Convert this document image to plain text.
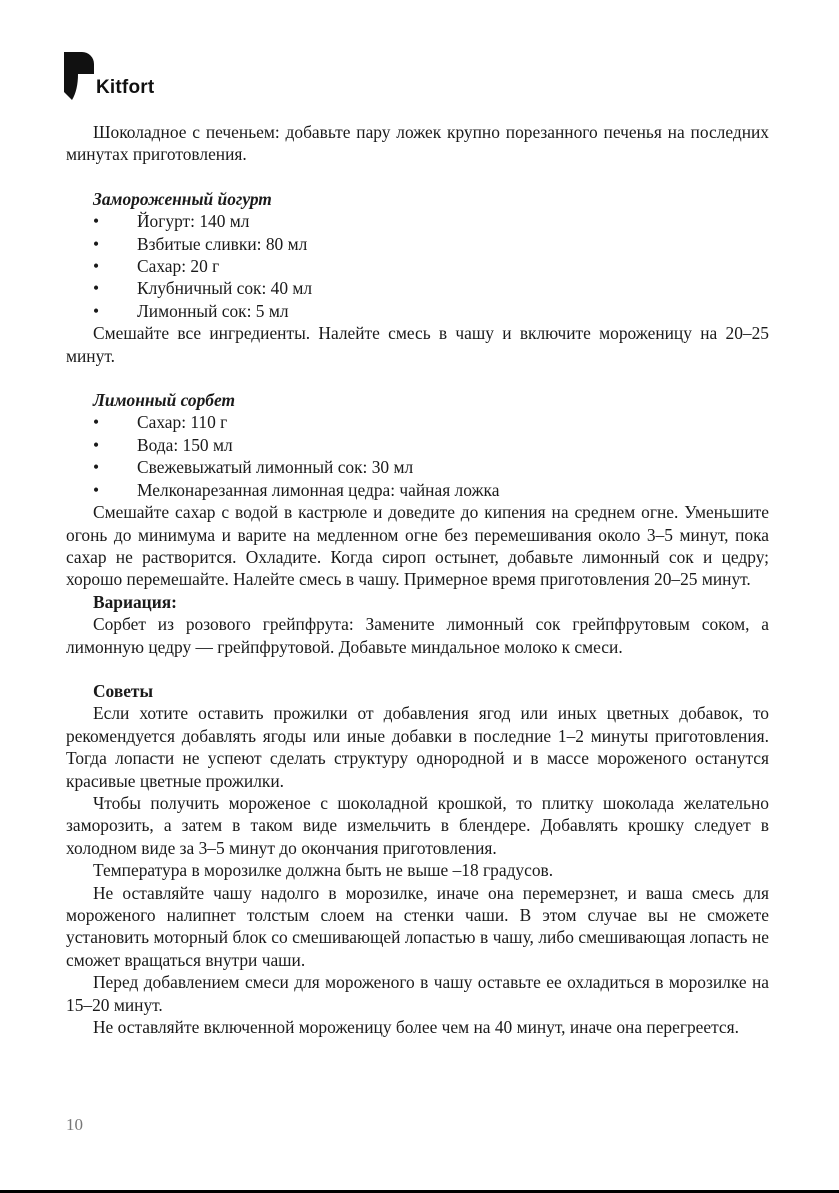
Kitfort

Шоколадное с печеньем: добавьте пару ложек крупно порезанного печенья на последних минутах приготовления.

Замороженный йогурт
• Йогурт: 140 мл
• Взбитые сливки: 80 мл
• Сахар: 20 г
• Клубничный сок: 40 мл
• Лимонный сок: 5 мл

Смешайте все ингредиенты. Налейте смесь в чашу и включите мороженицу на 20–25 минут.

Лимонный сорбет
• Сахар: 110 г
• Вода: 150 мл
• Свежевыжатый лимонный сок: 30 мл
• Мелконарезанная лимонная цедра: чайная ложка

Смешайте сахар с водой в кастрюле и доведите до кипения на среднем огне. Уменьшите огонь до минимума и варите на медленном огне без перемешивания около 3–5 минут, пока сахар не растворится. Охладите. Когда сироп остынет, добавьте лимонный сок и цедру; хорошо перемешайте. Налейте смесь в чашу. Примерное время приготовления 20–25 минут.

Вариация:

Сорбет из розового грейпфрута: Замените лимонный сок грейпфрутовым соком, а лимонную цедру — грейпфрутовой. Добавьте миндальное молоко к смеси.

Советы

Если хотите оставить прожилки от добавления ягод или иных цветных добавок, то рекомендуется добавлять ягоды или иные добавки в последние 1–2 минуты приготовления. Тогда лопасти не успеют сделать структуру однородной и в массе мороженого останутся красивые цветные прожилки.

Чтобы получить мороженое с шоколадной крошкой, то плитку шоколада желательно заморозить, а затем в таком виде измельчить в блендере. Добавлять крошку следует в холодном виде за 3–5 минут до окончания приготовления.

Температура в морозилке должна быть не выше –18 градусов.

Не оставляйте чашу надолго в морозилке, иначе она перемерзнет, и ваша смесь для мороженого налипнет толстым слоем на стенки чаши. В этом случае вы не сможете установить моторный блок со смешивающей лопастью в чашу, либо смешивающая лопасть не сможет вращаться внутри чаши.

Перед добавлением смеси для мороженого в чашу оставьте ее охладиться в морозилке на 15–20 минут.

Не оставляйте включенной мороженицу более чем на 40 минут, иначе она перегреется.

10
